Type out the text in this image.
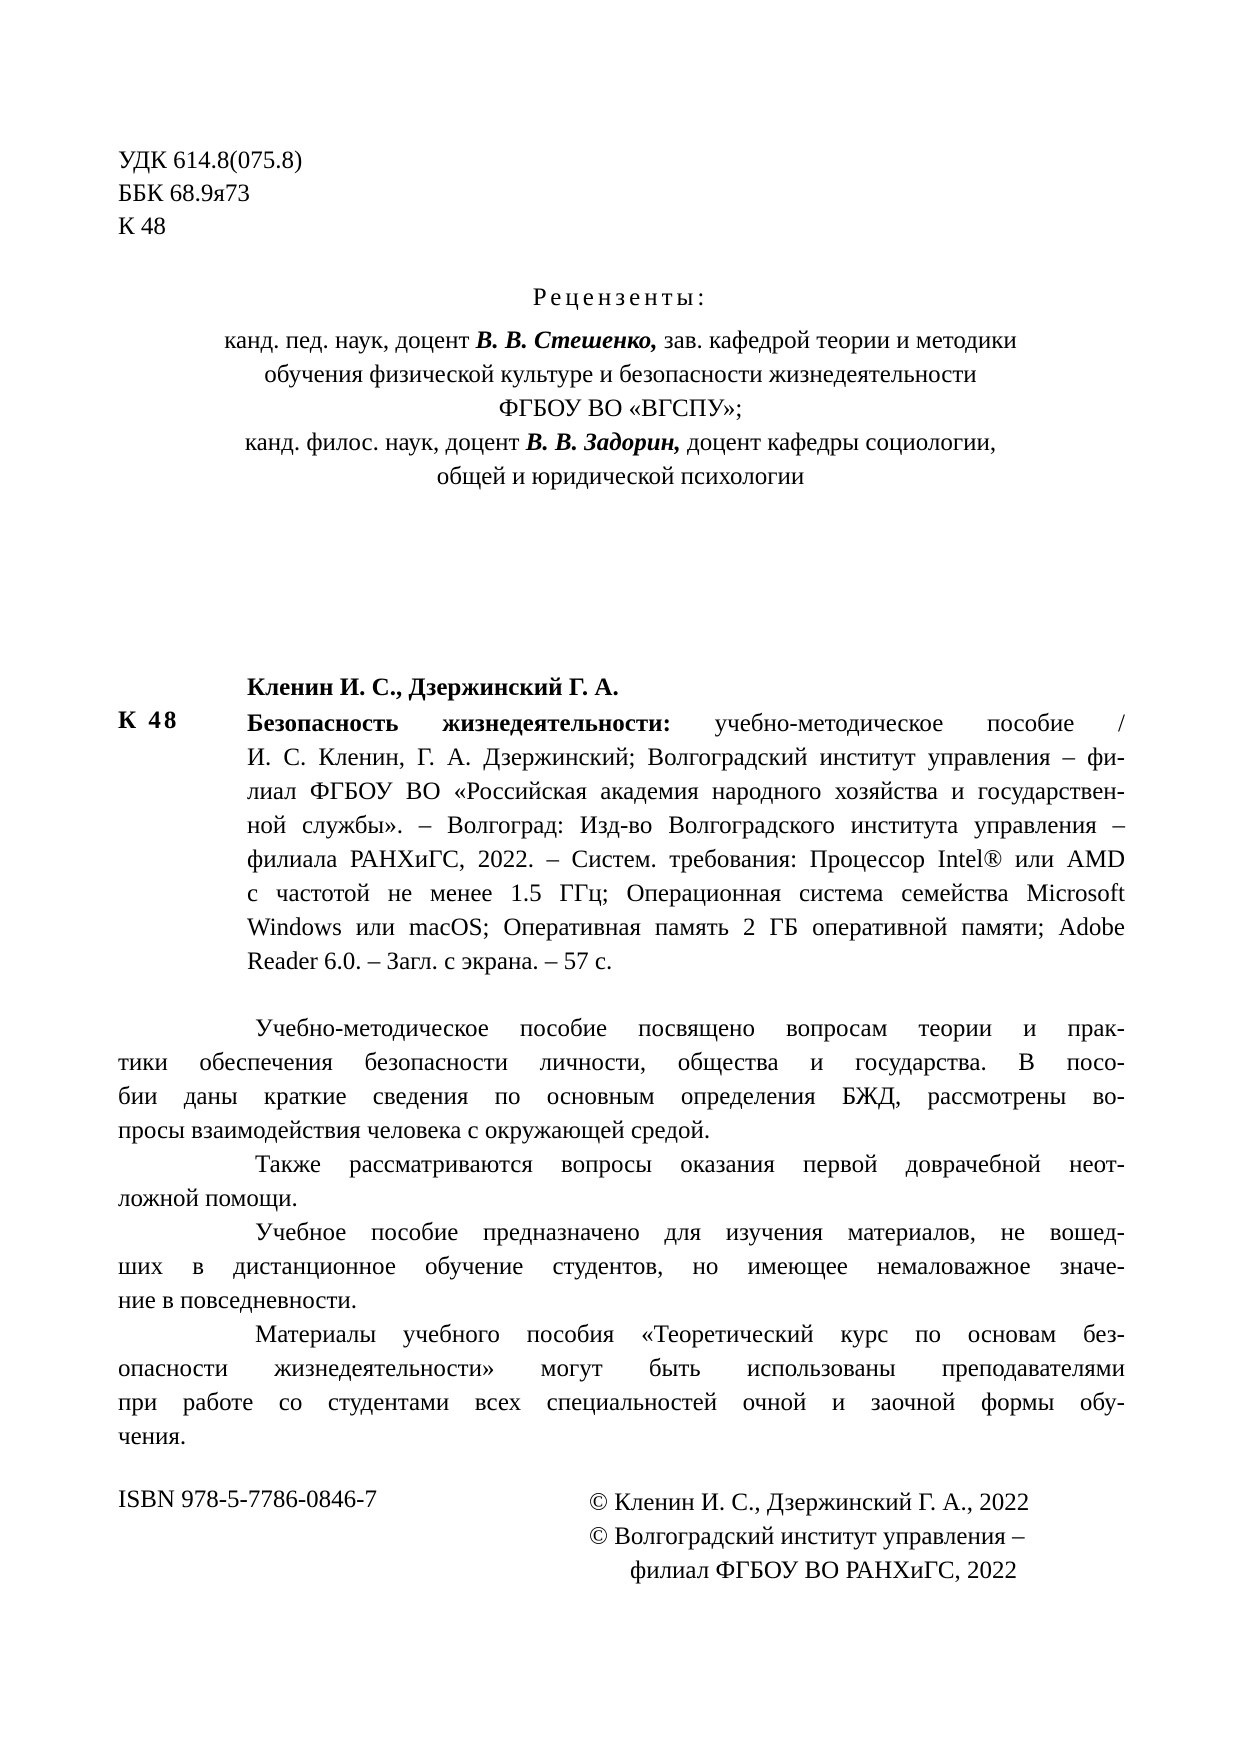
УДК 614.8(075.8)
ББК 68.9я73
К 48
Рецензенты:
канд. пед. наук, доцент В. В. Стешенко, зав. кафедрой теории и методики
обучения физической культуре и безопасности жизнедеятельности
ФГБОУ ВО «ВГСПУ»;
канд. филос. наук, доцент В. В. Задорин, доцент кафедры социологии,
общей и юридической психологии
Кленин И. С., Дзержинский Г. А.
К 48	Безопасность жизнедеятельности: учебно-методическое пособие /
И. С. Кленин, Г. А. Дзержинский; Волгоградский институт управления – фи-
лиал ФГБОУ ВО «Российская академия народного хозяйства и государствен-
ной службы». – Волгоград: Изд-во Волгоградского института управления –
филиала РАНХиГС, 2022. – Систем. требования: Процессор Intel® или AMD
с частотой не менее 1.5 ГГц; Операционная система семейства Microsoft
Windows или macOS; Оперативная память 2 ГБ оперативной памяти; Adobe
Reader 6.0. – Загл. с экрана. – 57 с.
Учебно-методическое пособие посвящено вопросам теории и прак-
тики обеспечения безопасности личности, общества и государства. В посо-
бии даны краткие сведения по основным определения БЖД, рассмотрены во-
просы взаимодействия человека с окружающей средой.
Также рассматриваются вопросы оказания первой доврачебной неот-
ложной помощи.
Учебное пособие предназначено для изучения материалов, не вошед-
ших в дистанционное обучение студентов, но имеющее немаловажное значе-
ние в повседневности.
Материалы учебного пособия «Теоретический курс по основам без-
опасности жизнедеятельности» могут быть использованы преподавателями
при работе со студентами всех специальностей очной и заочной формы обу-
чения.
ISBN 978-5-7786-0846-7	© Кленин И. С., Дзержинский Г. А., 2022
© Волгоградский институт управления –
филиал ФГБОУ ВО РАНХиГС, 2022
